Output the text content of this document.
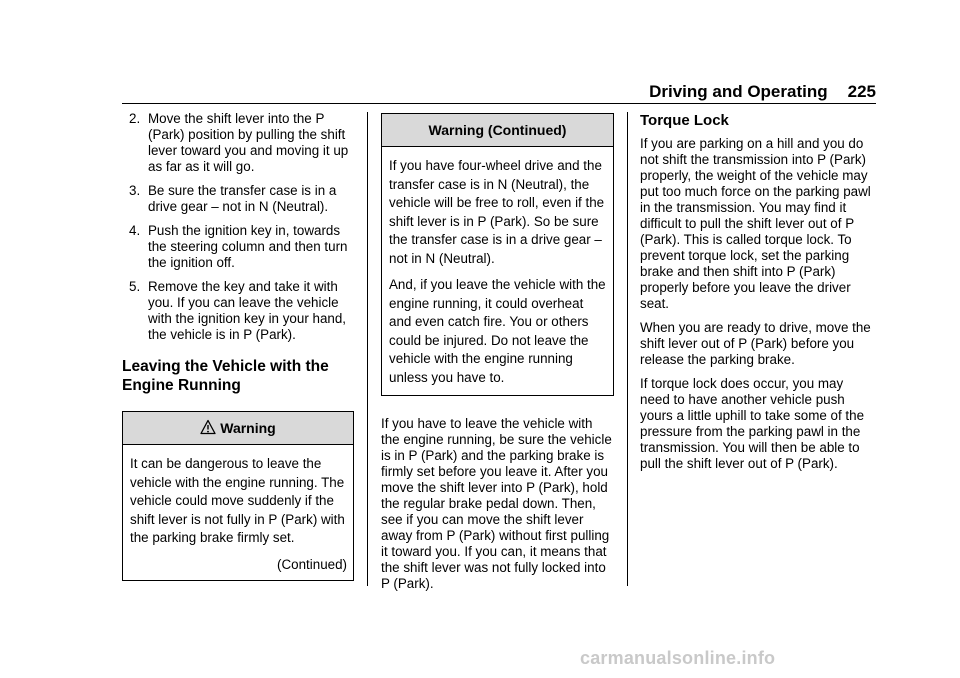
Driving and Operating 225
2. Move the shift lever into the P (Park) position by pulling the shift lever toward you and moving it up as far as it will go.
3. Be sure the transfer case is in a drive gear – not in N (Neutral).
4. Push the ignition key in, towards the steering column and then turn the ignition off.
5. Remove the key and take it with you. If you can leave the vehicle with the ignition key in your hand, the vehicle is in P (Park).
Leaving the Vehicle with the Engine Running
Warning

It can be dangerous to leave the vehicle with the engine running. The vehicle could move suddenly if the shift lever is not fully in P (Park) with the parking brake firmly set.

(Continued)
Warning (Continued)

If you have four-wheel drive and the transfer case is in N (Neutral), the vehicle will be free to roll, even if the shift lever is in P (Park). So be sure the transfer case is in a drive gear – not in N (Neutral).

And, if you leave the vehicle with the engine running, it could overheat and even catch fire. You or others could be injured. Do not leave the vehicle with the engine running unless you have to.

If you have to leave the vehicle with the engine running, be sure the vehicle is in P (Park) and the parking brake is firmly set before you leave it. After you move the shift lever into P (Park), hold the regular brake pedal down. Then, see if you can move the shift lever away from P (Park) without first pulling it toward you. If you can, it means that the shift lever was not fully locked into P (Park).

Torque Lock

If you are parking on a hill and you do not shift the transmission into P (Park) properly, the weight of the vehicle may put too much force on the parking pawl in the transmission. You may find it difficult to pull the shift lever out of P (Park). This is called torque lock. To prevent torque lock, set the parking brake and then shift into P (Park) properly before you leave the driver seat.

When you are ready to drive, move the shift lever out of P (Park) before you release the parking brake.

If torque lock does occur, you may need to have another vehicle push yours a little uphill to take some of the pressure from the parking pawl in the transmission. You will then be able to pull the shift lever out of P (Park).

carmanualsonline.info
